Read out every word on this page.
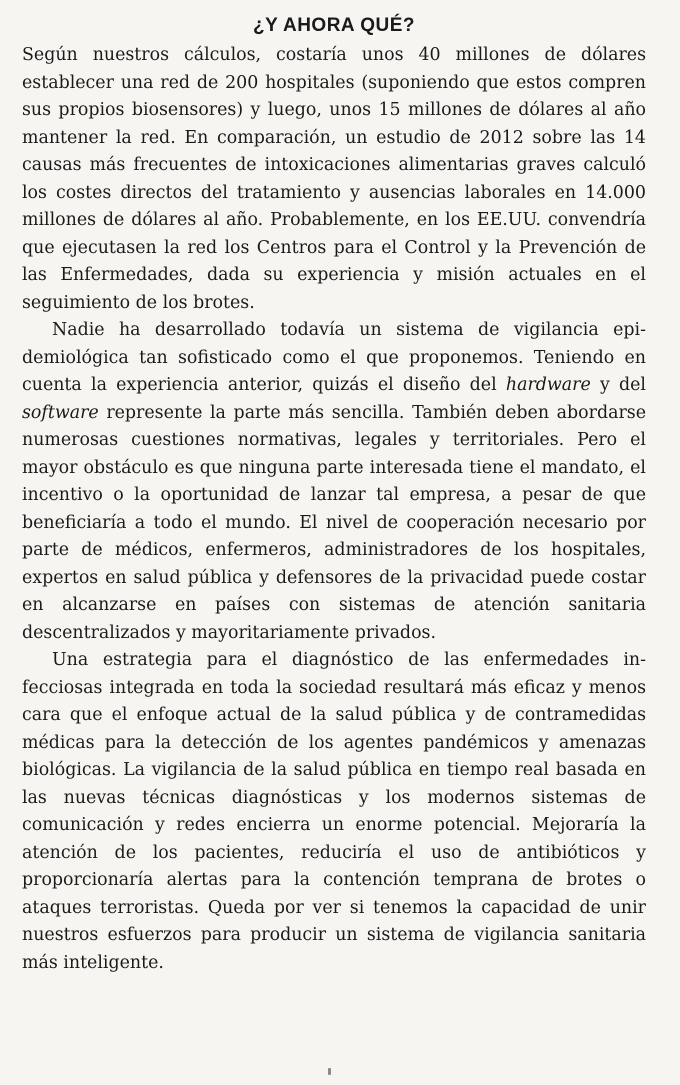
¿Y AHORA QUÉ?

Según nuestros cálculos, costaría unos 40 millones de dólares establecer una red de 200 hospitales (suponiendo que estos compren sus propios biosensores) y luego, unos 15 millones de dólares al año mantener la red. En comparación, un estudio de 2012 sobre las 14 causas más frecuentes de intoxicaciones alimentarias graves calculó los costes directos del tratamiento y ausencias laborales en 14.000 millones de dólares al año. Probablemente, en los EE.UU. convendría que ejecutasen la red los Centros para el Control y la Prevención de las Enfermedades, dada su experiencia y misión actuales en el seguimiento de los brotes.

Nadie ha desarrollado todavía un sistema de vigilancia epidemiológica tan sofisticado como el que proponemos. Teniendo en cuenta la experiencia anterior, quizás el diseño del hardware y del software represente la parte más sencilla. También deben abordarse numerosas cuestiones normativas, legales y territoriales. Pero el mayor obstáculo es que ninguna parte interesada tiene el mandato, el incentivo o la oportunidad de lanzar tal empresa, a pesar de que beneficiaría a todo el mundo. El nivel de cooperación necesario por parte de médicos, enfermeros, administradores de los hospitales, expertos en salud pública y defensores de la privacidad puede costar en alcanzarse en países con sistemas de atención sanitaria descentralizados y mayoritariamente privados.

Una estrategia para el diagnóstico de las enfermedades infecciosas integrada en toda la sociedad resultará más eficaz y menos cara que el enfoque actual de la salud pública y de contramedidas médicas para la detección de los agentes pandémicos y amenazas biológicas. La vigilancia de la salud pública en tiempo real basada en las nuevas técnicas diagnósticas y los modernos sistemas de comunicación y redes encierra un enorme potencial. Mejoraría la atención de los pacientes, reduciría el uso de antibióticos y proporcionaría alertas para la contención temprana de brotes o ataques terroristas. Queda por ver si tenemos la capacidad de unir nuestros esfuerzos para producir un sistema de vigilancia sanitaria más inteligente.
